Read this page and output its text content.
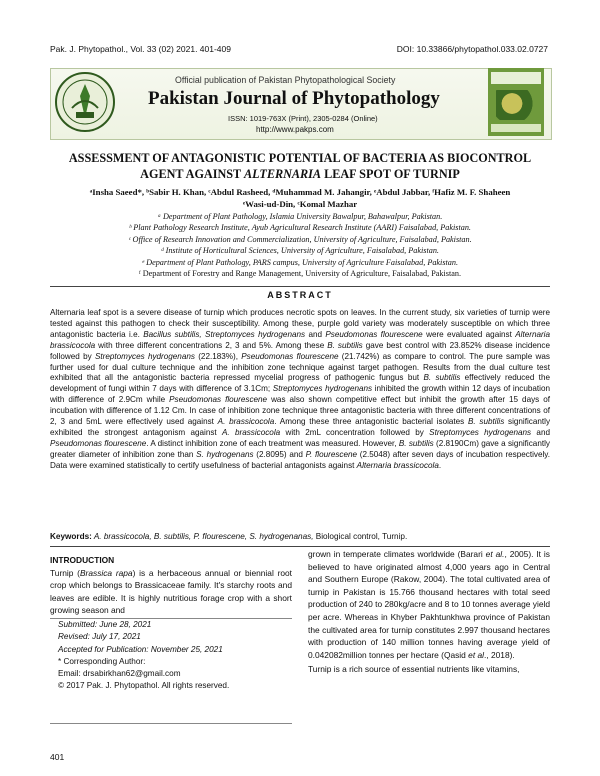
Pak. J. Phytopathol., Vol. 33 (02) 2021. 401-409	DOI: 10.33866/phytopathol.033.02.0727
Official publication of Pakistan Phytopathological Society
Pakistan Journal of Phytopathology
ISSN: 1019-763X (Print), 2305-0284 (Online)
http://www.pakps.com
ASSESSMENT OF ANTAGONISTIC POTENTIAL OF BACTERIA AS BIOCONTROL
AGENT AGAINST ALTERNARIA LEAF SPOT OF TURNIP
ᵃInsha Saeed*, ᵇSabir H. Khan, ᶜAbdul Rasheed, ᵈMuhammad M. Jahangir, ᵉAbdul Jabbar, ᶠHafiz M. F. Shaheen
ᵉWasi-ud-Din, ᶜKomal Mazhar
ᵃ Department of Plant Pathology, Islamia University Bawalpur, Bahawalpur, Pakistan.
ᵇ Plant Pathology Research Institute, Ayub Agricultural Research Institute (AARI) Faisalabad, Pakistan.
ᶜ Office of Research Innovation and Commercialization, University of Agriculture, Faisalabad, Pakistan.
ᵈ Institute of Horticultural Sciences, University of Agriculture, Faisalabad, Pakistan.
ᵉ Department of Plant Pathology, PARS campus, University of Agriculture Faisalabad, Pakistan.
ᶠ Department of Forestry and Range Management, University of Agriculture, Faisalabad, Pakistan.
ABSTRACT
Alternaria leaf spot is a severe disease of turnip which produces necrotic spots on leaves. In the current study, six varieties of turnip were tested against this pathogen to check their susceptibility. Among these, purple gold variety was moderately susceptible on which three antagonistic bacteria i.e. Bacillus subtilis, Streptomyces hydrogenans and Pseudomonas flourescene were evaluated against Alternaria brassicocola with three different concentrations 2, 3 and 5%. Among these B. subtilis gave best control with 23.852% disease incidence followed by Streptomyces hydrogenans (22.183%), Pseudomonas flourescene (21.742%) as compare to control. The pure sample was further used for dual culture technique and the inhibition zone technique against target pathogen. Results from the dual culture test exhibited that all the antagonistic bacteria repressed mycelial progress of pathogenic fungus but B. subtilis effectively reduced the development of fungi within 7 days with difference of 3.1Cm; Streptomyces hydrogenans inhibited the growth within 12 days of incubation with difference of 2.9Cm while Pseudomonas flourescene was also shown competitive effect but inhibit the growth after 15 days of incubation with difference of 1.12 Cm. In case of inhibition zone technique three antagonistic bacteria with three different concentrations of 2, 3 and 5mL were effectively used against A. brassicocola. Among these three antagonistic bacterial isolates B. subtilis significantly exhibited the strongest antagonism against A. brassicocola with 2mL concentration followed by Streptomyces hydrogenans and Pseudomonas flourescene. A distinct inhibition zone of each treatment was measured. However, B. subtilis (2.8190Cm) gave a significantly greater diameter of inhibition zone than S. hydrogenans (2.8095) and P. flourescene (2.5048) after seven days of incubation respectively. Data were examined statistically to certify usefulness of bacterial antagonists against Alternaria brassicocola.
Keywords: A. brassicocola, B. subtilis, P. flourescene, S. hydrogenanas, Biological control, Turnip.
INTRODUCTION
Turnip (Brassica rapa) is a herbaceous annual or biennial root crop which belongs to Brassicaceae family. It's starchy roots and leaves are edible. It is highly nutritious forage crop with a short growing season and
Submitted: June 28, 2021
Revised: July 17, 2021
Accepted for Publication: November 25, 2021
* Corresponding Author:
Email: drsabirkhan62@gmail.com
© 2017 Pak. J. Phytopathol. All rights reserved.
grown in temperate climates worldwide (Barari et al., 2005). It is believed to have originated almost 4,000 years ago in Central and Southern Europe (Rakow, 2004). The total cultivated area of turnip in Pakistan is 15.766 thousand hectares with total seed production of 240 to 280kg/acre and 8 to 10 tonnes average yield per acre. Whereas in Khyber Pakhtunkhwa province of Pakistan the cultivated area for turnip constitutes 2.997 thousand hectares with production of 140 million tonnes having average yield of 0.042082million tonnes per hectare (Qasid et al., 2018).
Turnip is a rich source of essential nutrients like vitamins,
401
